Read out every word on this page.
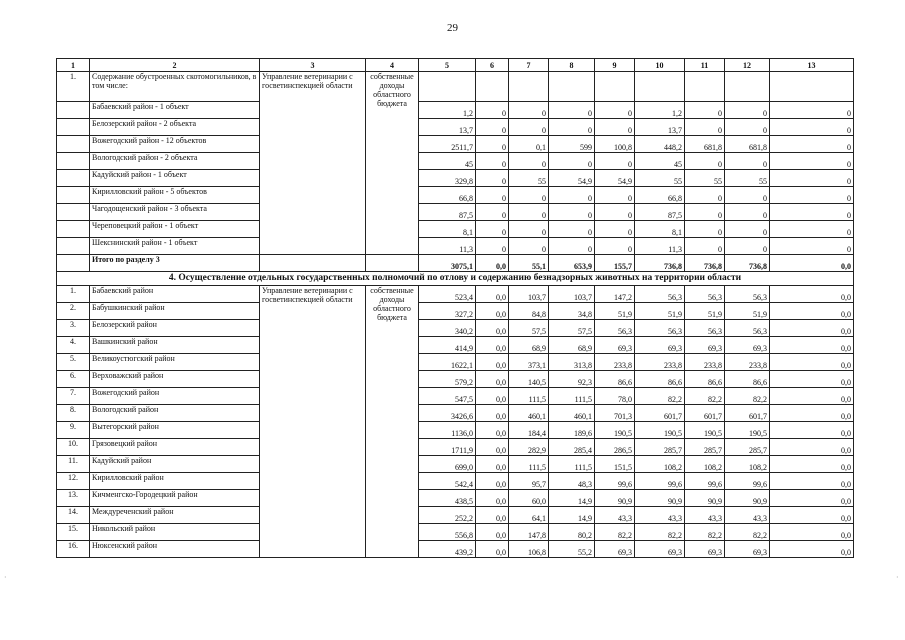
29
·	·
1	2	3	4	5	6	7	8	9	10	11	12	13
1.	Содержание обустроенных скотомогильников, в том числе:	Управление ветеринарии с госветинспекцией области	собственные доходы областного бюджета									
	Бабаевский район - 1 объект			1,2	0	0	0	0	1,2	0	0	0
	Белозерский район - 2 объекта			13,7	0	0	0	0	13,7	0	0	0
	Вожегодский район - 12 объектов			2511,7	0	0,1	599	100,8	448,2	681,8	681,8	0
	Вологодский район - 2 объекта			45	0	0	0	0	45	0	0	0
	Кадуйский район - 1 объект			329,8	0	55	54,9	54,9	55	55	55	0
	Кирилловский район - 5 объектов			66,8	0	0	0	0	66,8	0	0	0
	Чагодощенский район - 3 объекта			87,5	0	0	0	0	87,5	0	0	0
	Череповецкий район - 1 объект			8,1	0	0	0	0	8,1	0	0	0
	Шекснинский район - 1 объект			11,3	0	0	0	0	11,3	0	0	0
	Итого по разделу 3			3075,1	0,0	55,1	653,9	155,7	736,8	736,8	736,8	0,0
4. Осуществление отдельных государственных полномочий по отлову и содержанию безнадзорных животных на территории области												
1.	Бабаевский район	Управление ветеринарии с госветинспекцией области	собственные доходы областного бюджета	523,4	0,0	103,7	103,7	147,2	56,3	56,3	56,3	0,0
2.	Бабушкинский район			327,2	0,0	84,8	34,8	51,9	51,9	51,9	51,9	0,0
3.	Белозерский район			340,2	0,0	57,5	57,5	56,3	56,3	56,3	56,3	0,0
4.	Вашкинский район			414,9	0,0	68,9	68,9	69,3	69,3	69,3	69,3	0,0
5.	Великоустюгский район			1622,1	0,0	373,1	313,8	233,8	233,8	233,8	233,8	0,0
6.	Верховажский район			579,2	0,0	140,5	92,3	86,6	86,6	86,6	86,6	0,0
7.	Вожегодский район			547,5	0,0	111,5	111,5	78,0	82,2	82,2	82,2	0,0
8.	Вологодский район			3426,6	0,0	460,1	460,1	701,3	601,7	601,7	601,7	0,0
9.	Вытегорский район			1136,0	0,0	184,4	189,6	190,5	190,5	190,5	190,5	0,0
10.	Грязовецкий район			1711,9	0,0	282,9	285,4	286,5	285,7	285,7	285,7	0,0
11.	Кадуйский район			699,0	0,0	111,5	111,5	151,5	108,2	108,2	108,2	0,0
12.	Кирилловский район			542,4	0,0	95,7	48,3	99,6	99,6	99,6	99,6	0,0
13.	Кичменгско-Городецкий район			438,5	0,0	60,0	14,9	90,9	90,9	90,9	90,9	0,0
14.	Междуреченский район			252,2	0,0	64,1	14,9	43,3	43,3	43,3	43,3	0,0
15.	Никольский район			556,8	0,0	147,8	80,2	82,2	82,2	82,2	82,2	0,0
16.	Нюксенский район			439,2	0,0	106,8	55,2	69,3	69,3	69,3	69,3	0,0
